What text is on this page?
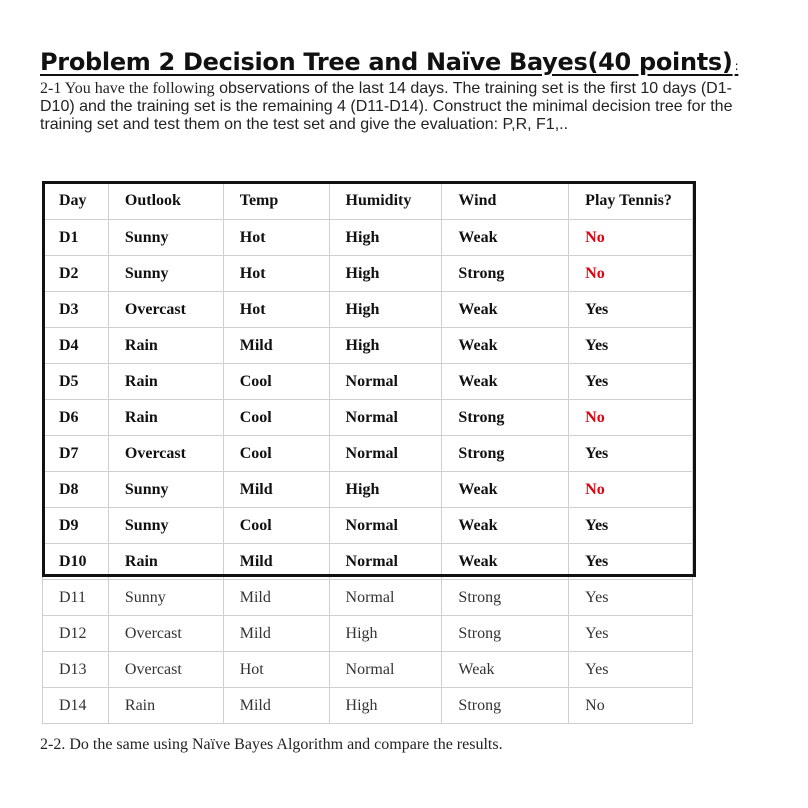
Problem 2 Decision Tree and Naïve Bayes(40 points) :
2-1 You have the following observations of the last 14 days. The training set is the first 10 days (D1-D10) and the training set is the remaining 4 (D11-D14). Construct the minimal decision tree for the training set and test them on the test set and give the evaluation: P,R, F1,..
Day	Outlook	Temp	Humidity	Wind	Play Tennis?
D1	Sunny	Hot	High	Weak	No
D2	Sunny	Hot	High	Strong	No
D3	Overcast	Hot	High	Weak	Yes
D4	Rain	Mild	High	Weak	Yes
D5	Rain	Cool	Normal	Weak	Yes
D6	Rain	Cool	Normal	Strong	No
D7	Overcast	Cool	Normal	Strong	Yes
D8	Sunny	Mild	High	Weak	No
D9	Sunny	Cool	Normal	Weak	Yes
D10	Rain	Mild	Normal	Weak	Yes
D11	Sunny	Mild	Normal	Strong	Yes
D12	Overcast	Mild	High	Strong	Yes
D13	Overcast	Hot	Normal	Weak	Yes
D14	Rain	Mild	High	Strong	No
2-2. Do the same using Naïve Bayes Algorithm and compare the results.
